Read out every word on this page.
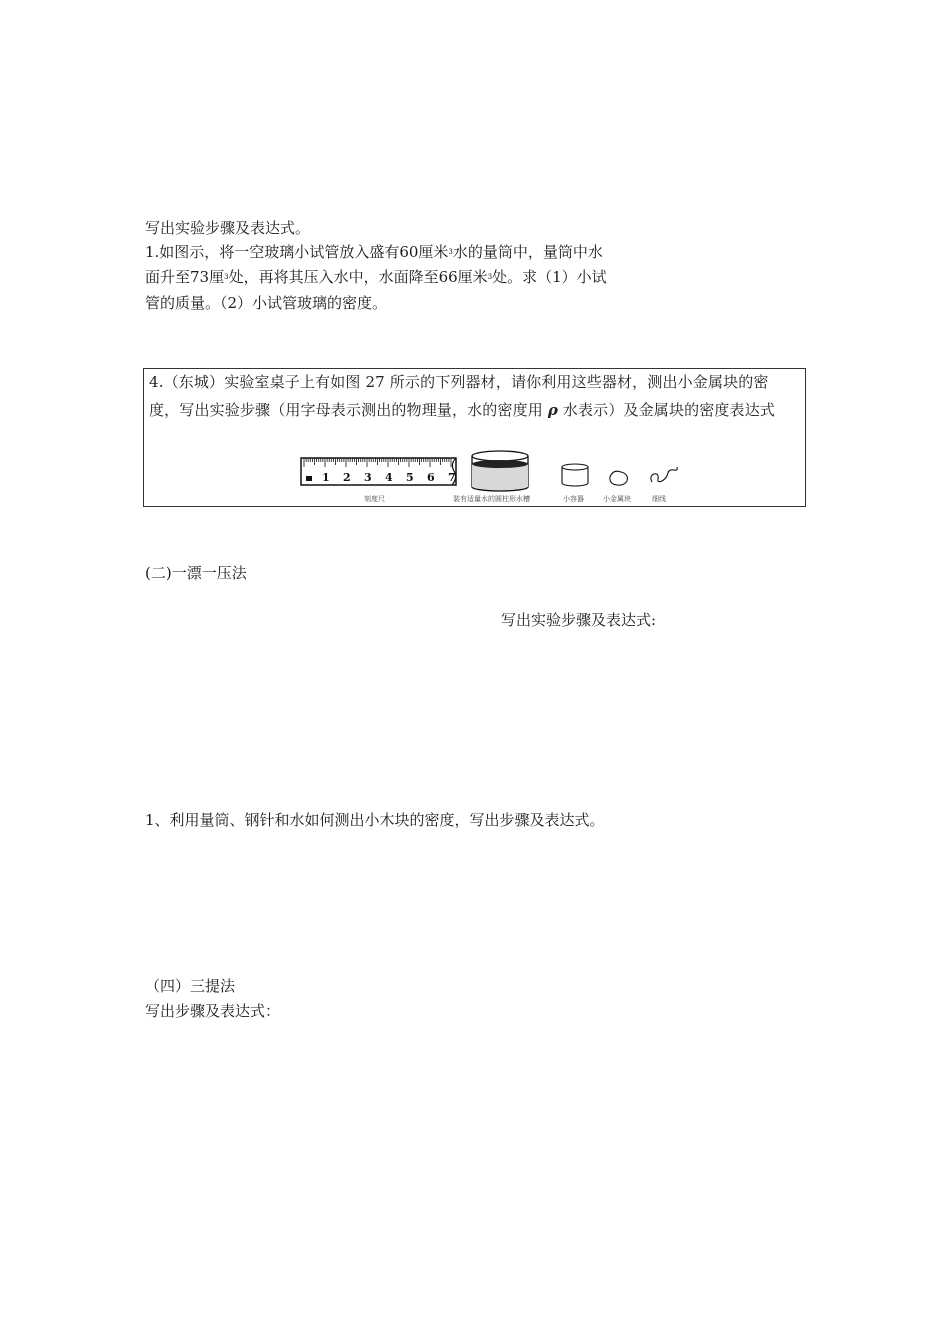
写出实验步骤及表达式。
1.如图示，将一空玻璃小试管放入盛有60厘米$^3$水的量筒中，量筒中水
面升至73厘$^3$处，再将其压入水中，水面降至66厘米$^3$处。求（1）小试
管的质量。（2）小试管玻璃的密度。
4.（东城）实验室桌子上有如图 27 所示的下列器材，请你利用这些器材，测出小金属块的密
度，写出实验步骤（用字母表示测出的物理量，水的密度用 ρ 水表示）及金属块的密度表达式
1 2 3 4 5 6 7
刻度尺	装有适量水的圆柱形水槽	小容器	小金属块	细线
(二)一漂一压法
写出实验步骤及表达式:
1、利用量筒、钢针和水如何测出小木块的密度，写出步骤及表达式。
（四）三提法
写出步骤及表达式：
